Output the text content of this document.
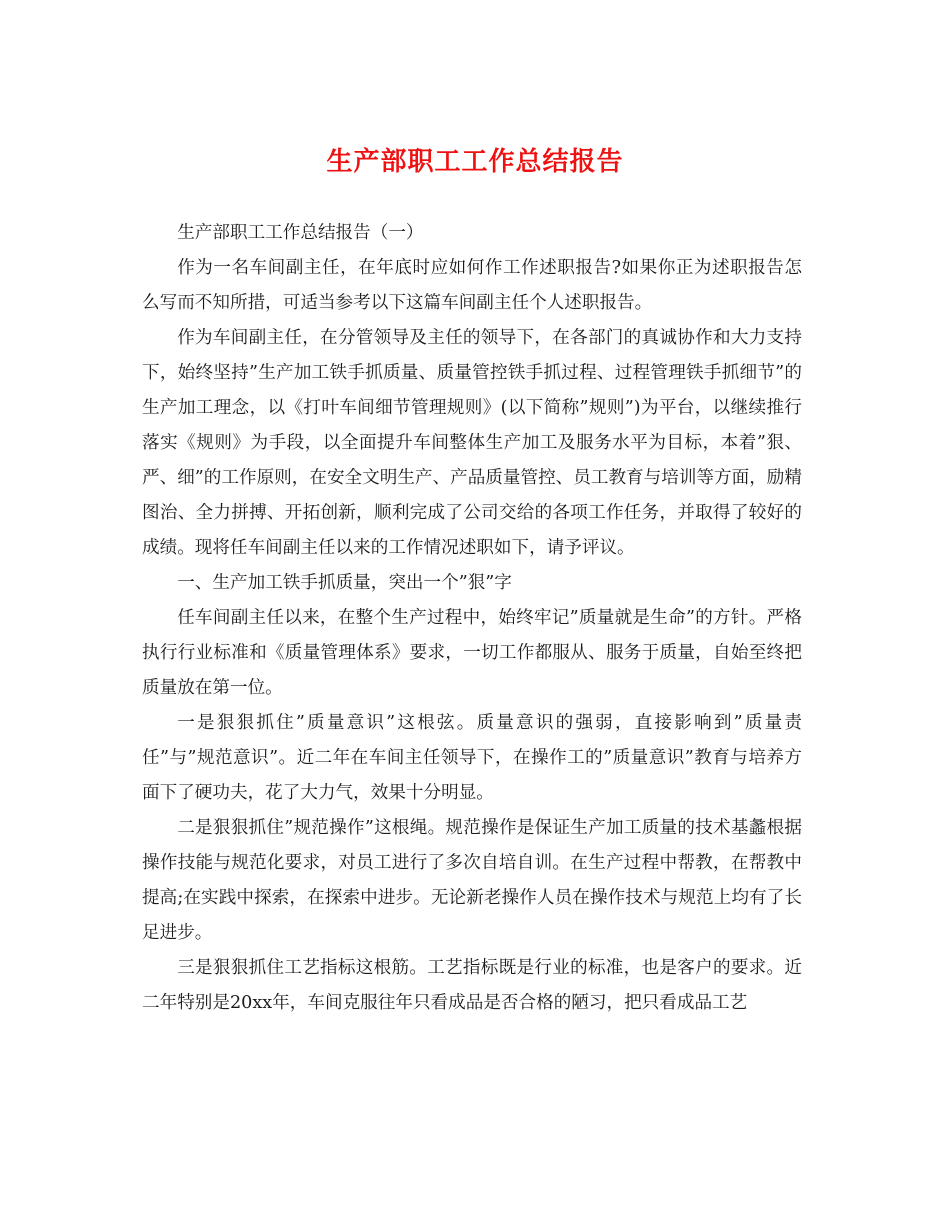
生产部职工工作总结报告

生产部职工工作总结报告（一）

作为一名车间副主任，在年底时应如何作工作述职报告?如果你正为述职报告怎么写而不知所措，可适当参考以下这篇车间副主任个人述职报告。

作为车间副主任，在分管领导及主任的领导下，在各部门的真诚协作和大力支持下，始终坚持”生产加工铁手抓质量、质量管控铁手抓过程、过程管理铁手抓细节”的生产加工理念，以《打叶车间细节管理规则》(以下简称”规则”)为平台，以继续推行落实《规则》为手段，以全面提升车间整体生产加工及服务水平为目标，本着”狠、严、细”的工作原则，在安全文明生产、产品质量管控、员工教育与培训等方面，励精图治、全力拼搏、开拓创新，顺利完成了公司交给的各项工作任务，并取得了较好的成绩。现将任车间副主任以来的工作情况述职如下，请予评议。

一、生产加工铁手抓质量，突出一个”狠”字

任车间副主任以来，在整个生产过程中，始终牢记”质量就是生命”的方针。严格执行行业标准和《质量管理体系》要求，一切工作都服从、服务于质量，自始至终把质量放在第一位。

一是狠狠抓住”质量意识”这根弦。质量意识的强弱，直接影响到”质量责任”与”规范意识”。近二年在车间主任领导下，在操作工的”质量意识”教育与培养方面下了硬功夫，花了大力气，效果十分明显。

二是狠狠抓住”规范操作”这根绳。规范操作是保证生产加工质量的技术基蠡根据操作技能与规范化要求，对员工进行了多次自培自训。在生产过程中帮教，在帮教中提高;在实践中探索，在探索中进步。无论新老操作人员在操作技术与规范上均有了长足进步。

三是狠狠抓住工艺指标这根筋。工艺指标既是行业的标准，也是客户的要求。近二年特别是20xx年，车间克服往年只看成品是否合格的陋习，把只看成品工艺
